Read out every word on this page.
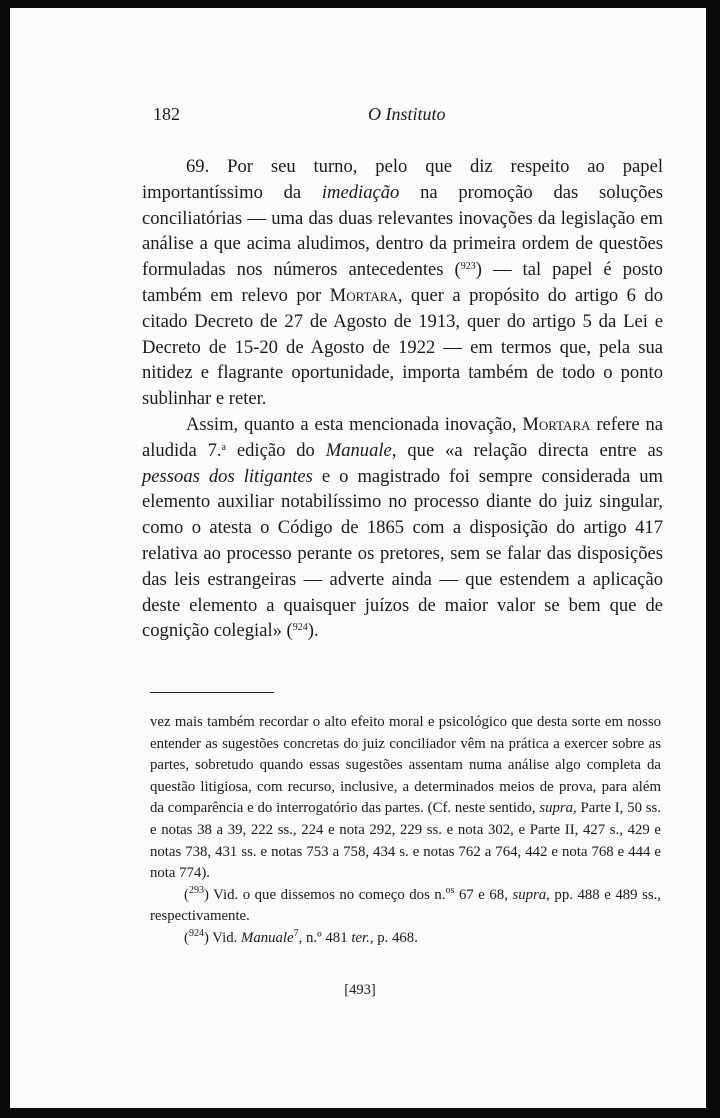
182	O Instituto

69. Por seu turno, pelo que diz respeito ao papel importantíssimo da imediação na promoção das soluções conciliatórias — uma das duas relevantes inovações da legislação em análise a que acima aludimos, dentro da primeira ordem de questões formuladas nos números antecedentes ($^{923}$) — tal papel é posto também em relevo por Mortara, quer a propósito do artigo 6 do citado Decreto de 27 de Agosto de 1913, quer do artigo 5 da Lei e Decreto de 15-20 de Agosto de 1922 — em termos que, pela sua nitidez e flagrante oportunidade, importa também de todo o ponto sublinhar e reter.

Assim, quanto a esta mencionada inovação, Mortara refere na aludida 7.$^a$ edição do Manuale, que «a relação directa entre as pessoas dos litigantes e o magistrado foi sempre considerada um elemento auxiliar notabilíssimo no processo diante do juiz singular, como o atesta o Código de 1865 com a disposição do artigo 417 relativa ao processo perante os pretores, sem se falar das disposições das leis estrangeiras — adverte ainda — que estendem a aplicação deste elemento a quaisquer juízos de maior valor se bem que de cognição colegial» ($^{924}$).

vez mais também recordar o alto efeito moral e psicológico que desta sorte em nosso entender as sugestões concretas do juiz conciliador vêm na prática a exercer sobre as partes, sobretudo quando essas sugestões assentam numa análise algo completa da questão litigiosa, com recurso, inclusive, a determinados meios de prova, para além da comparência e do interrogatório das partes. (Cf. neste sentido, supra, Parte I, 50 ss. e notas 38 a 39, 222 ss., 224 e nota 292, 229 ss. e nota 302, e Parte II, 427 s., 429 e notas 738, 431 ss. e notas 753 a 758, 434 s. e notas 762 a 764, 442 e nota 768 e 444 e nota 774).

($^{293}$) Vid. o que dissemos no começo dos n.$^{os}$ 67 e 68, supra, pp. 488 e 489 ss., respectivamente.

($^{924}$) Vid. Manuale$^7$, n.º 481 ter., p. 468.

[493]
